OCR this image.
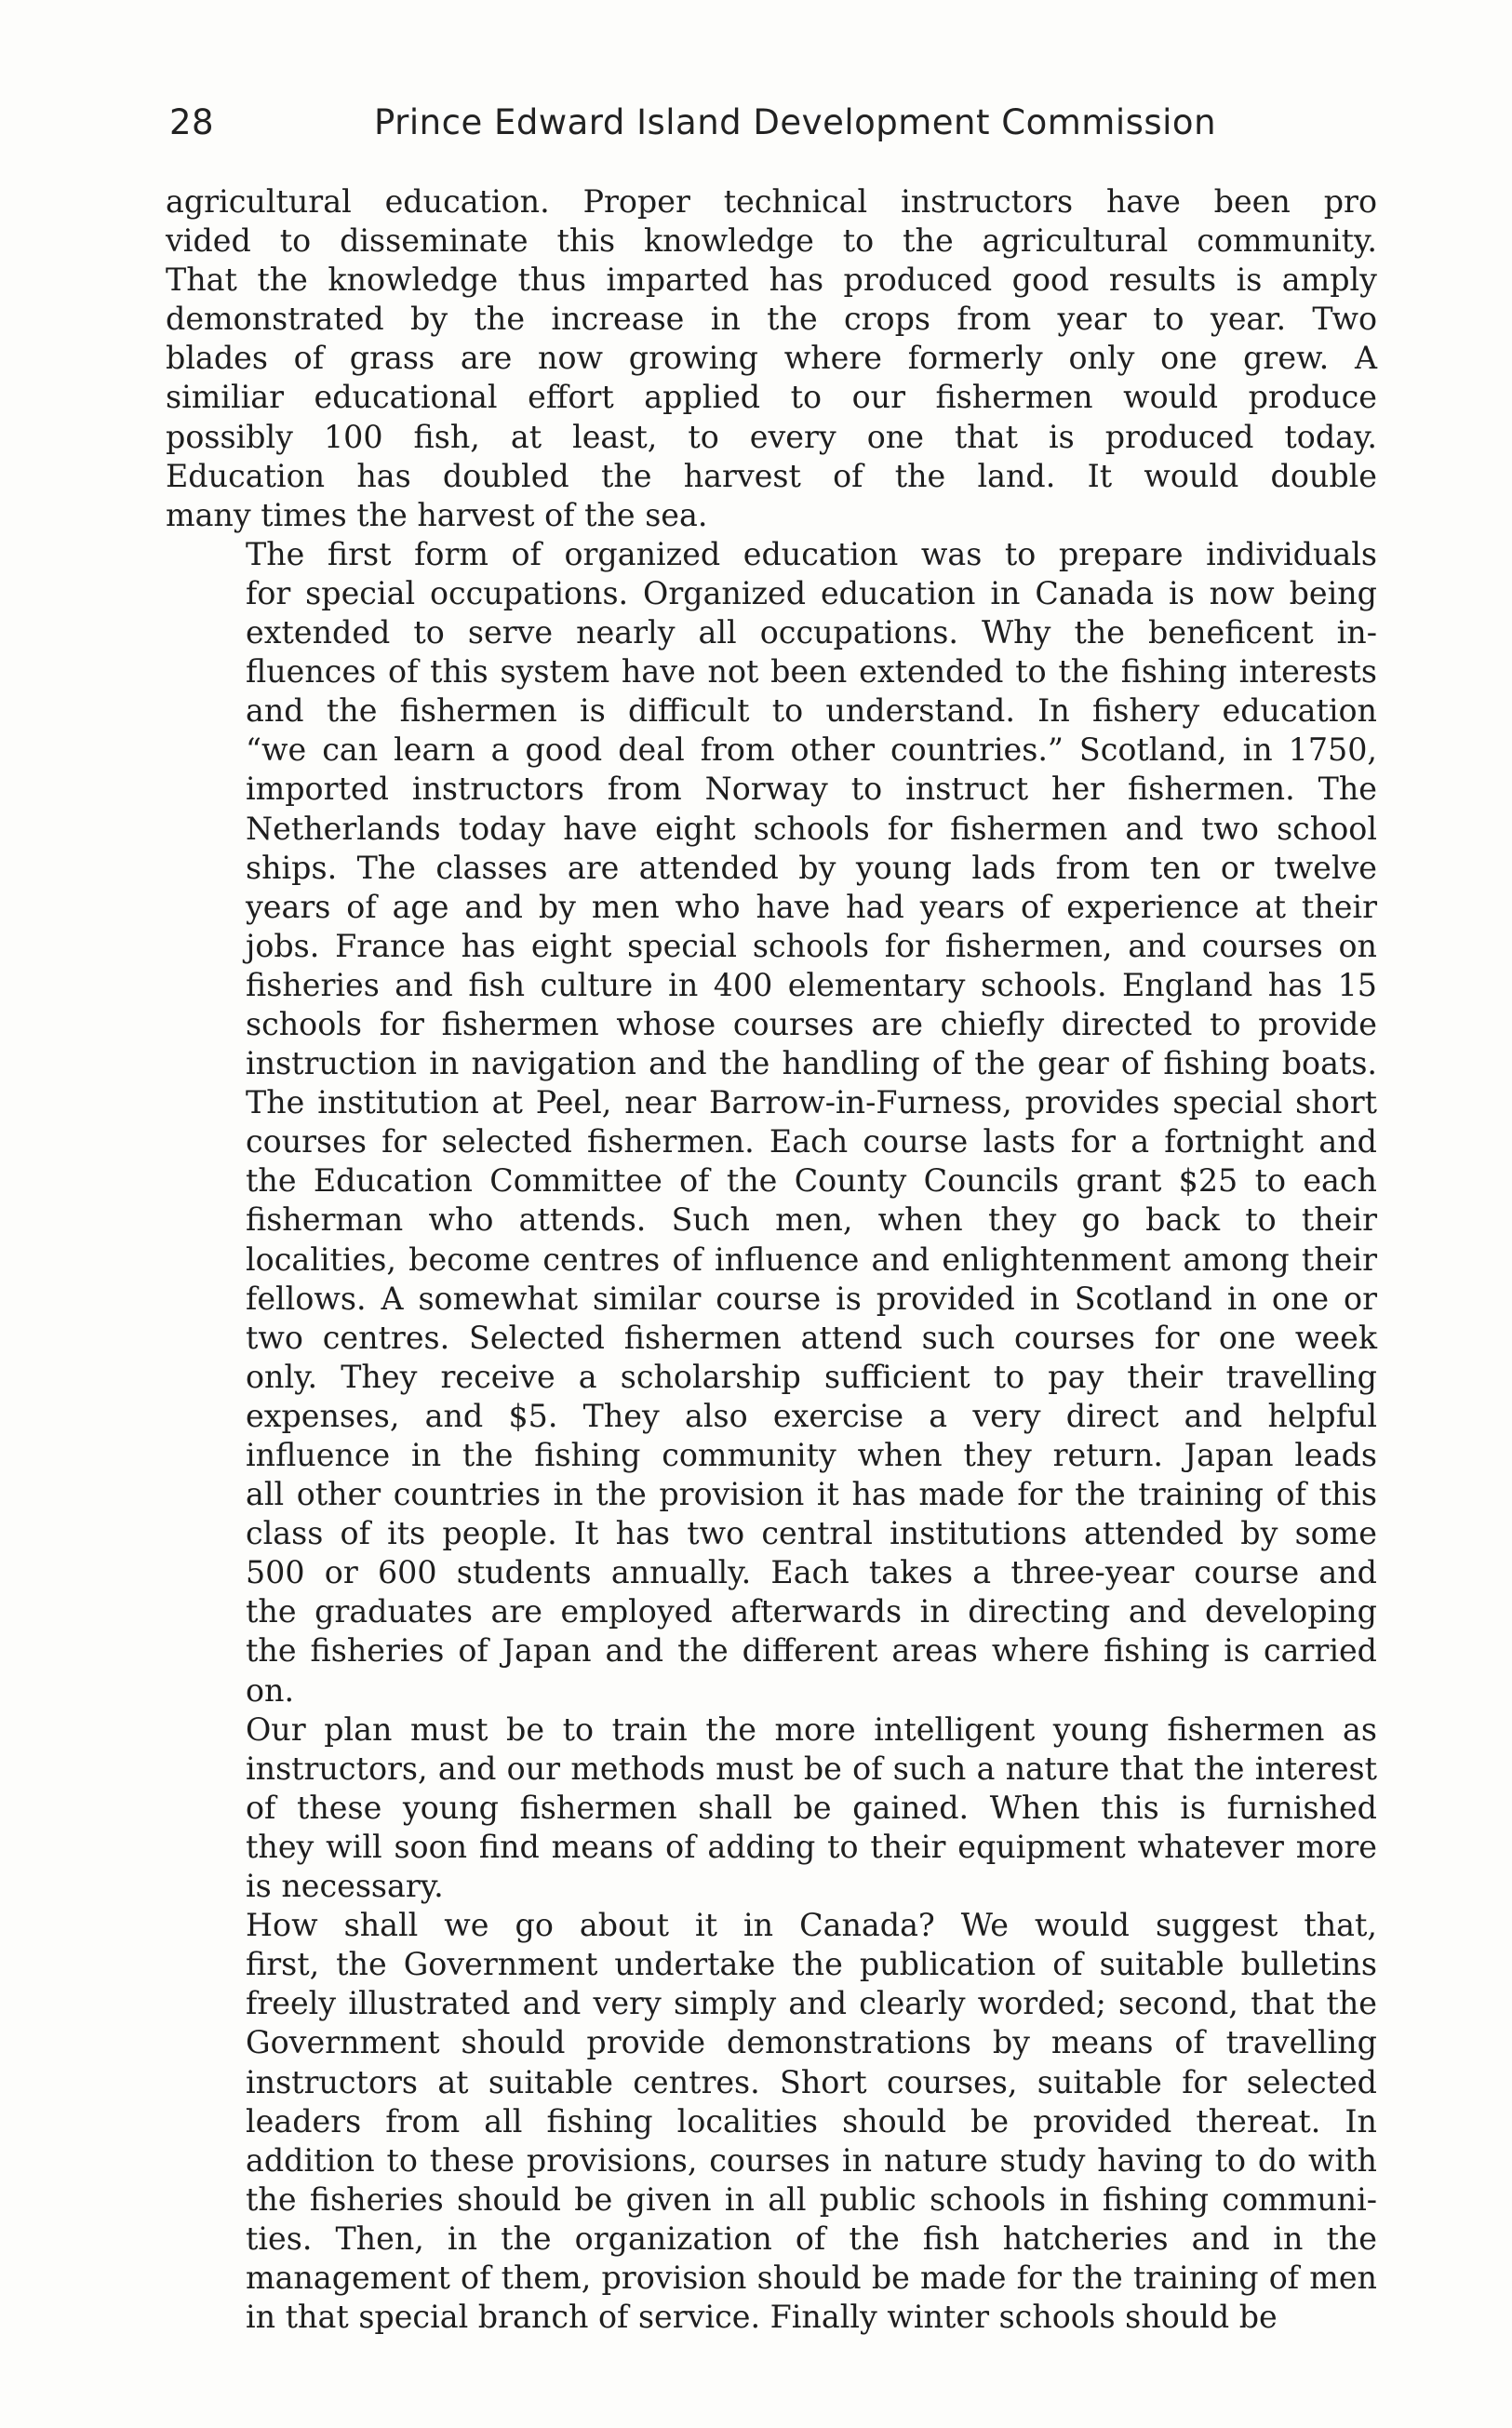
28	Prince Edward Island Development Commission

agricultural education. Proper technical instructors have been pro
vided to disseminate this knowledge to the agricultural community.
That the knowledge thus imparted has produced good results is amply
demonstrated by the increase in the crops from year to year. Two
blades of grass are now growing where formerly only one grew. A
similiar educational effort applied to our fishermen would produce
possibly 100 fish, at least, to every one that is produced today.
Education has doubled the harvest of the land. It would double
many times the harvest of the sea.

The first form of organized education was to prepare individuals
for special occupations. Organized education in Canada is now being
extended to serve nearly all occupations. Why the beneficent in-
fluences of this system have not been extended to the fishing interests
and the fishermen is difficult to understand. In fishery education
“we can learn a good deal from other countries.” Scotland, in 1750,
imported instructors from Norway to instruct her fishermen. The
Netherlands today have eight schools for fishermen and two school
ships. The classes are attended by young lads from ten or twelve
years of age and by men who have had years of experience at their
jobs. France has eight special schools for fishermen, and courses on
fisheries and fish culture in 400 elementary schools. England has 15
schools for fishermen whose courses are chiefly directed to provide
instruction in navigation and the handling of the gear of fishing boats.
The institution at Peel, near Barrow-in-Furness, provides special short
courses for selected fishermen. Each course lasts for a fortnight and
the Education Committee of the County Councils grant $25 to each
fisherman who attends. Such men, when they go back to their
localities, become centres of influence and enlightenment among their
fellows. A somewhat similar course is provided in Scotland in one or
two centres. Selected fishermen attend such courses for one week
only. They receive a scholarship sufficient to pay their travelling
expenses, and $5. They also exercise a very direct and helpful
influence in the fishing community when they return. Japan leads
all other countries in the provision it has made for the training of this
class of its people. It has two central institutions attended by some
500 or 600 students annually. Each takes a three-year course and
the graduates are employed afterwards in directing and developing
the fisheries of Japan and the different areas where fishing is carried
on.

Our plan must be to train the more intelligent young fishermen as
instructors, and our methods must be of such a nature that the interest
of these young fishermen shall be gained. When this is furnished
they will soon find means of adding to their equipment whatever more
is necessary.

How shall we go about it in Canada? We would suggest that,
first, the Government undertake the publication of suitable bulletins
freely illustrated and very simply and clearly worded; second, that the
Government should provide demonstrations by means of travelling
instructors at suitable centres. Short courses, suitable for selected
leaders from all fishing localities should be provided thereat. In
addition to these provisions, courses in nature study having to do with
the fisheries should be given in all public schools in fishing communi-
ties. Then, in the organization of the fish hatcheries and in the
management of them, provision should be made for the training of men
in that special branch of service. Finally winter schools should be
